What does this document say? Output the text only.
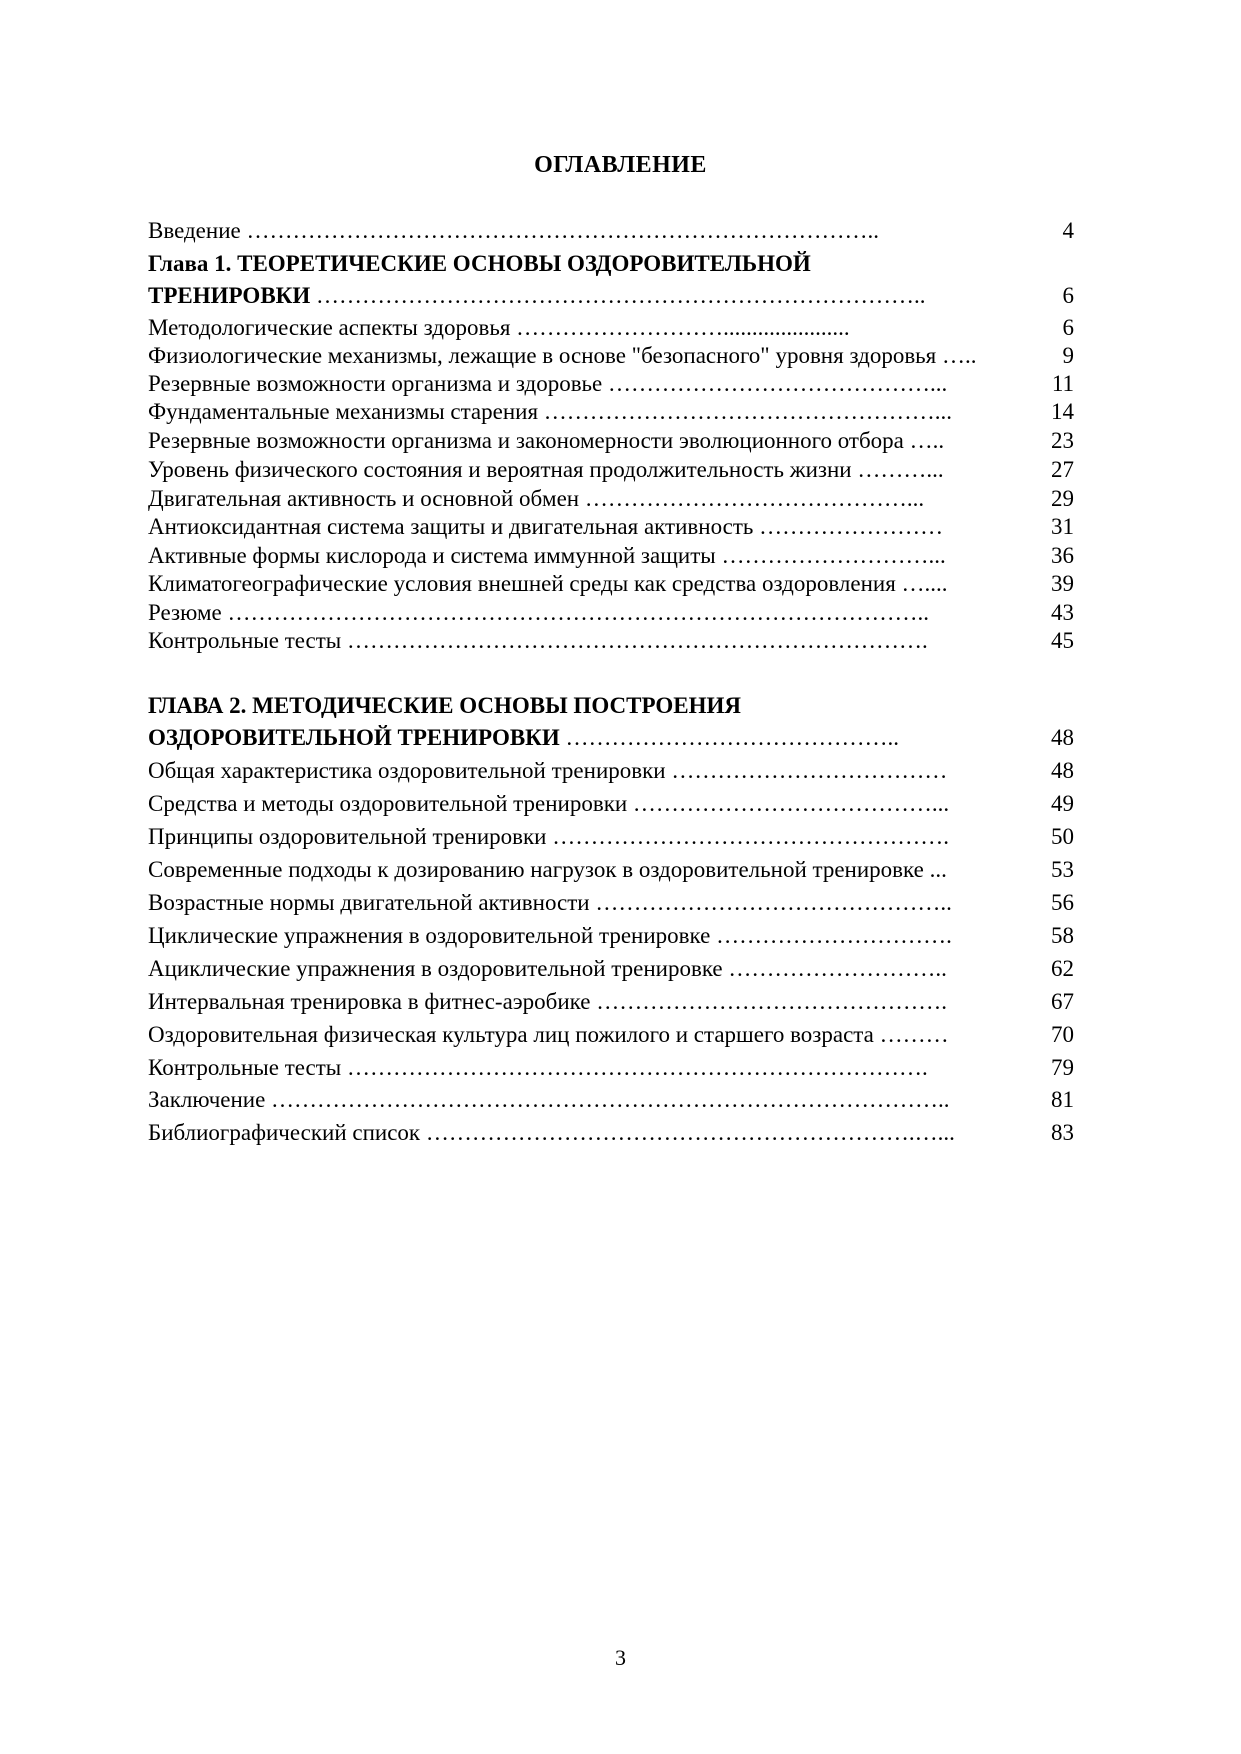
ОГЛАВЛЕНИЕ
Введение ………………………………………………………………………..	4
Глава 1. ТЕОРЕТИЧЕСКИЕ ОСНОВЫ ОЗДОРОВИТЕЛЬНОЙ
ТРЕНИРОВКИ ……………………………………………………………………..	6
Методологические аспекты здоровья ………………………......................	6
Физиологические механизмы, лежащие в основе "безопасного" уровня здоровья …..	9
Резервные возможности организма и здоровье ……………………………………...	11
Фундаментальные механизмы старения ……………………………………………...	14
Резервные возможности организма и закономерности эволюционного отбора …..	23
Уровень физического состояния и вероятная продолжительность жизни ………...	27
Двигательная активность и основной обмен ……………………………………...	29
Антиоксидантная система защиты и двигательная активность ……………………	31
Активные формы кислорода и система иммунной защиты ………………………...	36
Климатогеографические условия внешней среды как средства оздоровления …....	39
Резюме ………………………………………………………………………………..	43
Контрольные тесты ………………………………………………………………….	45
ГЛАВА 2. МЕТОДИЧЕСКИЕ ОСНОВЫ ПОСТРОЕНИЯ
ОЗДОРОВИТЕЛЬНОЙ ТРЕНИРОВКИ ……………………………………..	48
Общая характеристика оздоровительной тренировки ………………………………	48
Средства и методы оздоровительной тренировки …………………………………...	49
Принципы оздоровительной тренировки …………………………………………….	50
Современные подходы к дозированию нагрузок в оздоровительной тренировке ...	53
Возрастные нормы двигательной активности ………………………………………..	56
Циклические упражнения в оздоровительной тренировке ………………………….	58
Ациклические упражнения в оздоровительной тренировке ………………………..	62
Интервальная тренировка в фитнес-аэробике ……………………………………….	67
Оздоровительная физическая культура лиц пожилого и старшего возраста ………	70
Контрольные тесты ………………………………………………………………….	79
Заключение ……………………………………………………………………………..	81
Библиографический список ……………………………………………………….…...	83
3
